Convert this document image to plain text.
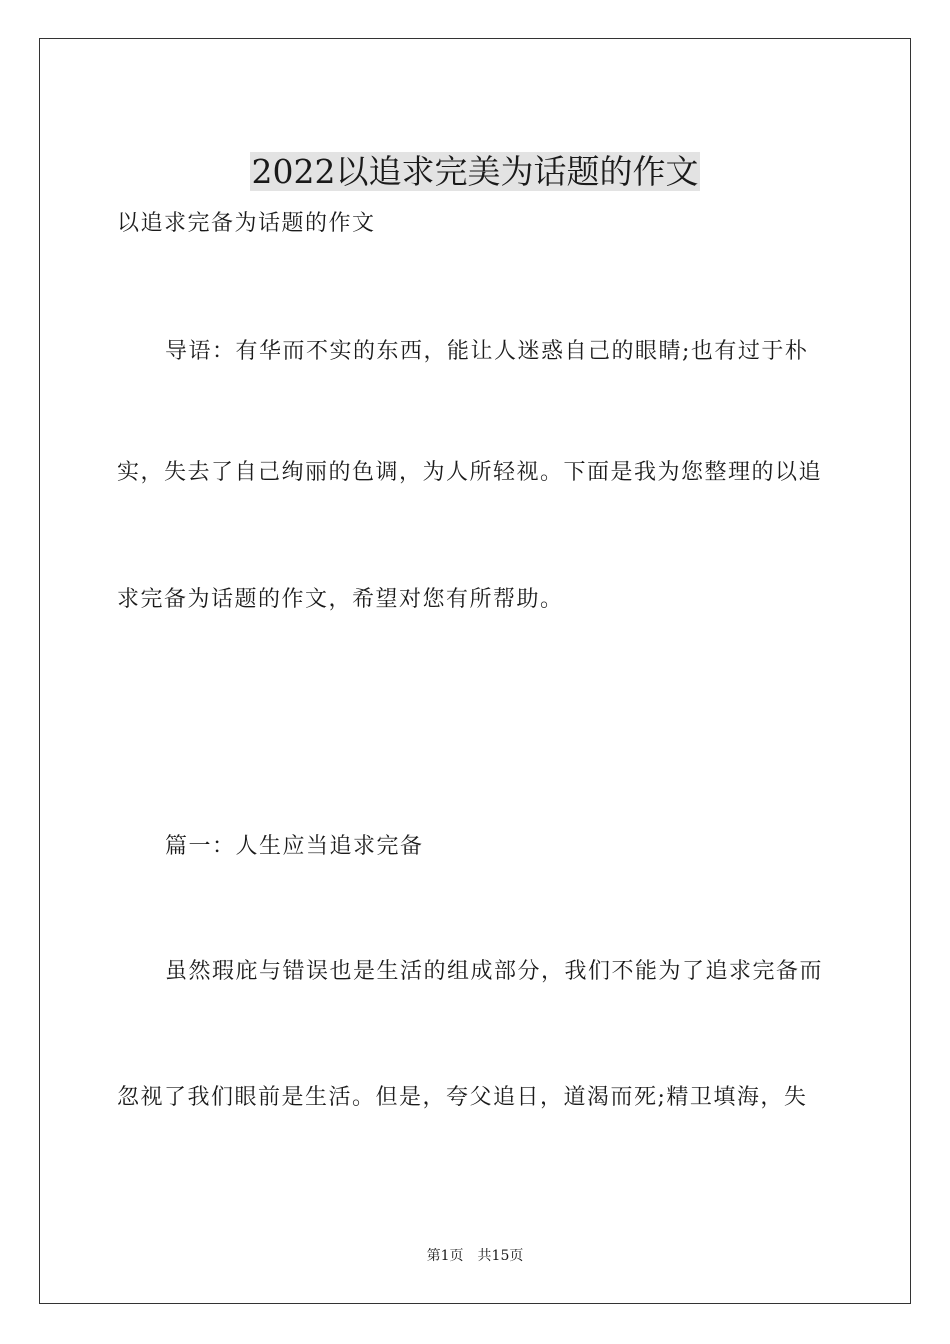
2022以追求完美为话题的作文
以追求完备为话题的作文
导语：有华而不实的东西，能让人迷惑自己的眼睛;也有过于朴
实，失去了自己绚丽的色调，为人所轻视。下面是我为您整理的以追
求完备为话题的作文，希望对您有所帮助。
篇一：人生应当追求完备
虽然瑕庇与错误也是生活的组成部分，我们不能为了追求完备而
忽视了我们眼前是生活。但是，夸父追日，道渴而死;精卫填海，失
第1页 共15页
